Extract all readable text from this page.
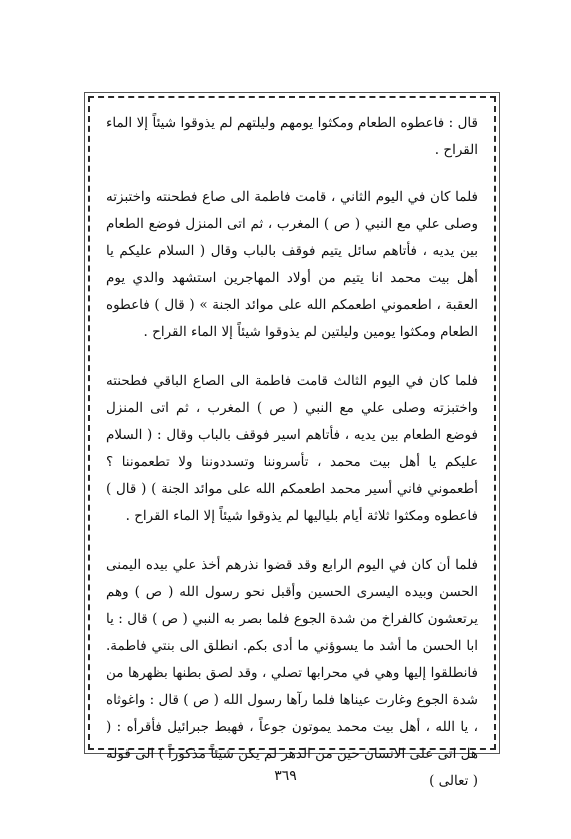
قال : فاعطوه الطعام ومكثوا يومهم وليلتهم لم يذوقوا شيئاً إلا الماء القراح .

فلما كان في اليوم الثاني ، قامت فاطمة الى صاع فطحنته واختبزته وصلى علي مع النبي ( ص ) المغرب ، ثم اتى المنزل فوضع الطعام بين يديه ، فأتاهم سائل يتيم فوقف بالباب وقال ( السلام عليكم يا أهل بيت محمد انا يتيم من أولاد المهاجرين استشهد والدي يوم العقبة ، اطعموني اطعمكم الله على موائد الجنة » ( قال ) فاعطوه الطعام ومكثوا يومين وليلتين لم يذوقوا شيئاً إلا الماء القراح .

فلما كان في اليوم الثالث قامت فاطمة الى الصاع الباقي فطحنته واختبزته وصلى علي مع النبي ( ص ) المغرب ، ثم اتى المنزل فوضع الطعام بين يديه ، فأتاهم اسير فوقف بالباب وقال : ( السلام عليكم يا أهل بيت محمد ، تأسروننا وتسددوننا ولا تطعموننا ؟ أطعموني فاني أسير محمد اطعمكم الله على موائد الجنة ) ( قال ) فاعطوه ومكثوا ثلاثة أيام بلياليها لم يذوقوا شيئاً إلا الماء القراح .

فلما أن كان في اليوم الرابع وقد قضوا نذرهم أخذ علي بيده اليمنى الحسن وبيده اليسرى الحسين وأقبل نحو رسول الله ( ص ) وهم يرتعشون كالفراخ من شدة الجوع فلما بصر به النبي ( ص ) قال : يا ابا الحسن ما أشد ما يسوؤني ما أدى بكم. انطلق الى بنتي فاطمة. فانطلقوا إليها وهي في محرابها تصلي ، وقد لصق بطنها بظهرها من شدة الجوع وغارت عيناها فلما رآها رسول الله ( ص ) قال : واغوثاه ، يا الله ، أهل بيت محمد يموتون جوعاً ، فهبط جبرائيل فأقرأه : ( هل اتى على الانسان حين من الدهر لم يكن شيئاً مذكوراً ) الى قوله ( تعالى )

٣٦٩
